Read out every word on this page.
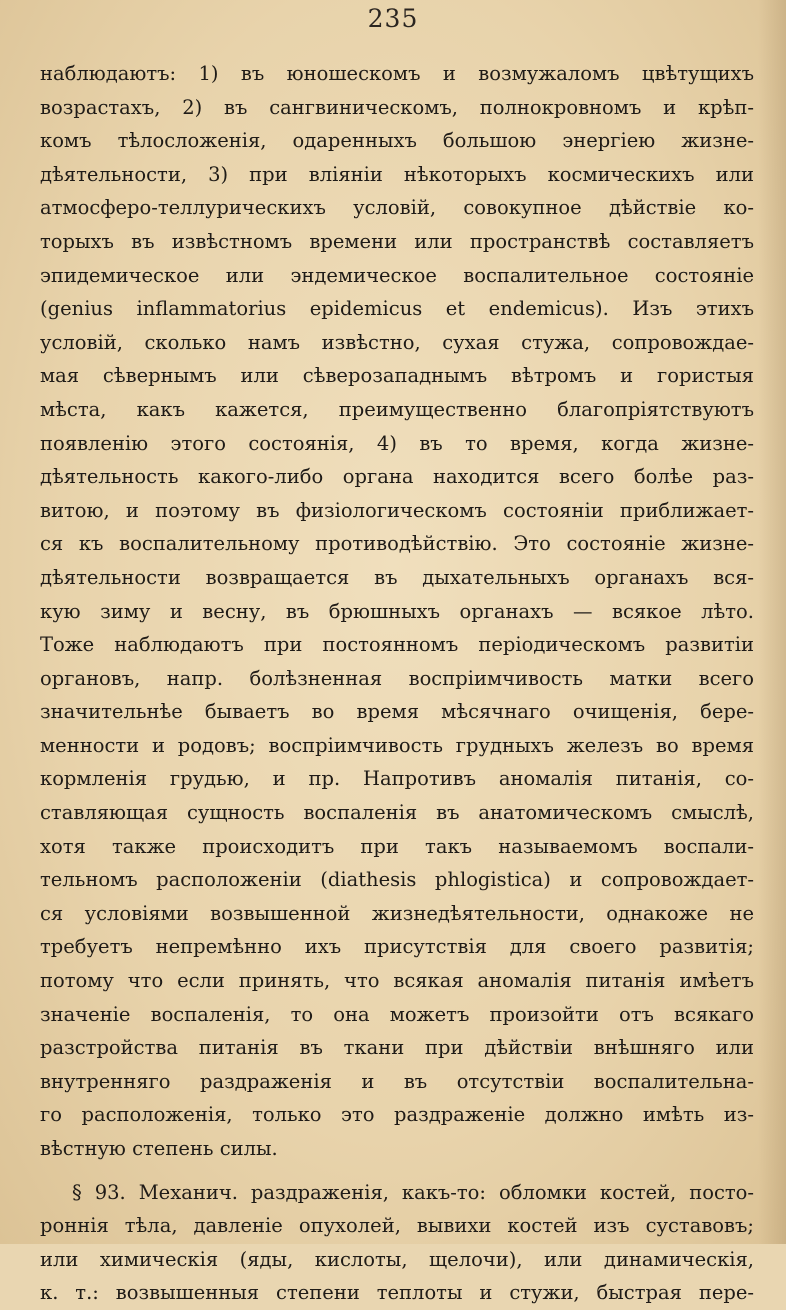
235
наблюдаютъ: 1) въ юношескомъ и возмужаломъ цвѣтущихъ
возрастахъ, 2) въ сангвиническомъ, полнокровномъ и крѣп-
комъ тѣлосложенія, одаренныхъ большою энергіею жизне-
дѣятельности, 3) при вліяніи нѣкоторыхъ космическихъ или
атмосферо-теллурическихъ условій, совокупное дѣйствіе ко-
торыхъ въ извѣстномъ времени или пространствѣ составляетъ
эпидемическое или эндемическое воспалительное состояніе
(genius inflammatorius epidemicus et endemicus). Изъ этихъ
условій, сколько намъ извѣстно, сухая стужа, сопровождае-
мая сѣвернымъ или сѣверозападнымъ вѣтромъ и гористыя
мѣста, какъ кажется, преимущественно благопріятствуютъ
появленію этого состоянія, 4) въ то время, когда жизне-
дѣятельность какого-либо органа находится всего болѣе раз-
витою, и поэтому въ физіологическомъ состояніи приближает-
ся къ воспалительному противодѣйствію. Это состояніе жизне-
дѣятельности возвращается въ дыхательныхъ органахъ вся-
кую зиму и весну, въ брюшныхъ органахъ — всякое лѣто.
Тоже наблюдаютъ при постоянномъ періодическомъ развитіи
органовъ, напр. болѣзненная воспріимчивость матки всего
значительнѣе бываетъ во время мѣсячнаго очищенія, бере-
менности и родовъ; воспріимчивость грудныхъ железъ во время
кормленія грудью, и пр. Напротивъ аномалія питанія, со-
ставляющая сущность воспаленія въ анатомическомъ смыслѣ,
хотя также происходитъ при такъ называемомъ воспали-
тельномъ расположеніи (diathesis phlogistica) и сопровождает-
ся условіями возвышенной жизнедѣятельности, однакоже не
требуетъ непремѣнно ихъ присутствія для своего развитія;
потому что если принять, что всякая аномалія питанія имѣетъ
значеніе воспаленія, то она можетъ произойти отъ всякаго
разстройства питанія въ ткани при дѣйствіи внѣшняго или
внутренняго раздраженія и въ отсутствіи воспалительна-
го расположенія, только это раздраженіе должно имѣть из-
вѣстную степень силы.
§ 93. Механич. раздраженія, какъ-то: обломки костей, посто-
роннія тѣла, давленіе опухолей, вывихи костей изъ суставовъ;
или химическія (яды, кислоты, щелочи), или динамическія,
к. т.: возвышенныя степени теплоты и стужи, быстрая пере-
